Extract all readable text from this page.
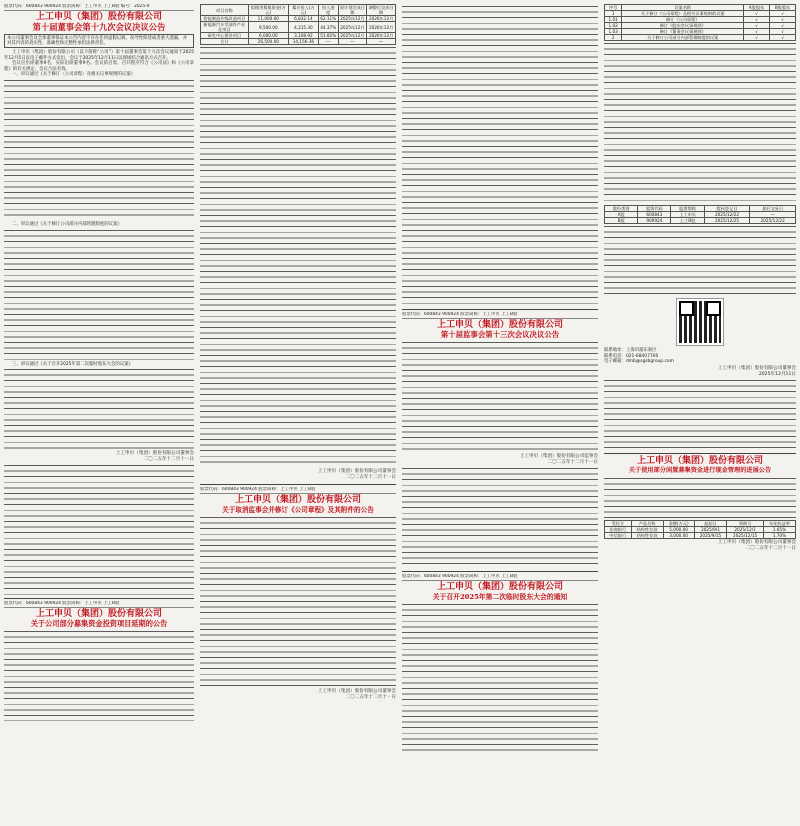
股票代码：600843 900924 股票简称：上工申贝 上工B股 编号：2025-0
上工申贝（集团）股份有限公司
第十届董事会第十九次会议决议公告
本公司董事会及全体董事保证本公告内容不存在任何虚假记载、误导性陈述或者重大遗漏，并对其内容的真实性、准确性和完整性承担法律责任。

上工申贝（集团）股份有限公司（以下简称“公司”）第十届董事会第十九次会议通知于2025年12月5日以电子邮件方式发出，会议于2025年12月11日以现场结合通讯方式召开。

会议应出席董事9名，实际出席董事9名。会议的召集、召开程序符合《公司法》和《公司章程》的有关规定，会议合法有效。

一、审议通过《关于修订〈公司章程〉及相关议事规则的议案》

二、审议通过《关于修订公司部分内部管理制度的议案》

三、审议通过《关于召开2025年第二次临时股东大会的议案》

上工申贝（集团）股份有限公司董事会
二〇二五年十二月十一日
股票代码：600843 900924 股票简称：上工申贝 上工B股
上工申贝（集团）股份有限公司
关于公司部分募集资金投资项目延期的公告
项目名称	拟使用募集资金(万元)	累计投入(万元)	投入进度	原计划完成日期	调整后完成日期
智能制造升级改造项目	11,000.00	6,832.14	62.11%	2025年12月	2026年12月
新能源汽车零部件产业化项目	9,500.00	4,215.30	44.37%	2025年12月	2026年12月
研发中心建设项目	6,000.00	3,108.92	51.82%	2025年12月	2026年12月
合计	26,500.00	14,156.36	—	—	—
上工申贝（集团）股份有限公司董事会
二〇二五年十二月十一日
股票代码：600843 900924 股票简称：上工申贝 上工B股
上工申贝（集团）股份有限公司
关于取消监事会并修订《公司章程》及其附件的公告
上工申贝（集团）股份有限公司董事会
二〇二五年十二月十一日
股票代码：600843 900924 股票简称：上工申贝 上工B股
上工申贝（集团）股份有限公司
第十届监事会第十三次会议决议公告
上工申贝（集团）股份有限公司监事会
二〇二五年十二月十一日
股票代码：600843 900924 股票简称：上工申贝 上工B股
上工申贝（集团）股份有限公司
关于召开2025年第二次临时股东大会的通知
序号	议案名称	A股股东	B股股东
1	关于修订《公司章程》及相关议事规则的议案	√	√
1.01	修订《公司章程》	√	√
1.02	修订《股东会议事规则》	√	√
1.03	修订《董事会议事规则》	√	√
2	关于修订公司部分内部管理制度的议案	√	√
股份类别	股票代码	股票简称	股权登记日	最后交易日
A股	600843	上工申贝	2025/12/22	—
B股	900924	上工B股	2025/12/25	2025/12/22
联系地址：上海市浦东新区
联系电话：021-68407700
电子邮箱：dmb@sgsbgroup.com
上工申贝（集团）股份有限公司董事会
2025年12月11日
上工申贝（集团）股份有限公司
关于使用部分闲置募集资金进行现金管理的进展公告
受托方	产品名称	金额(万元)	起始日	到期日	年化收益率
招商银行	结构性存款	5,000.00	2025/9/1	2025/12/1	1.65%
中信银行	结构性存款	3,000.00	2025/9/15	2025/12/15	1.70%
上工申贝（集团）股份有限公司董事会
二〇二五年十二月十一日
